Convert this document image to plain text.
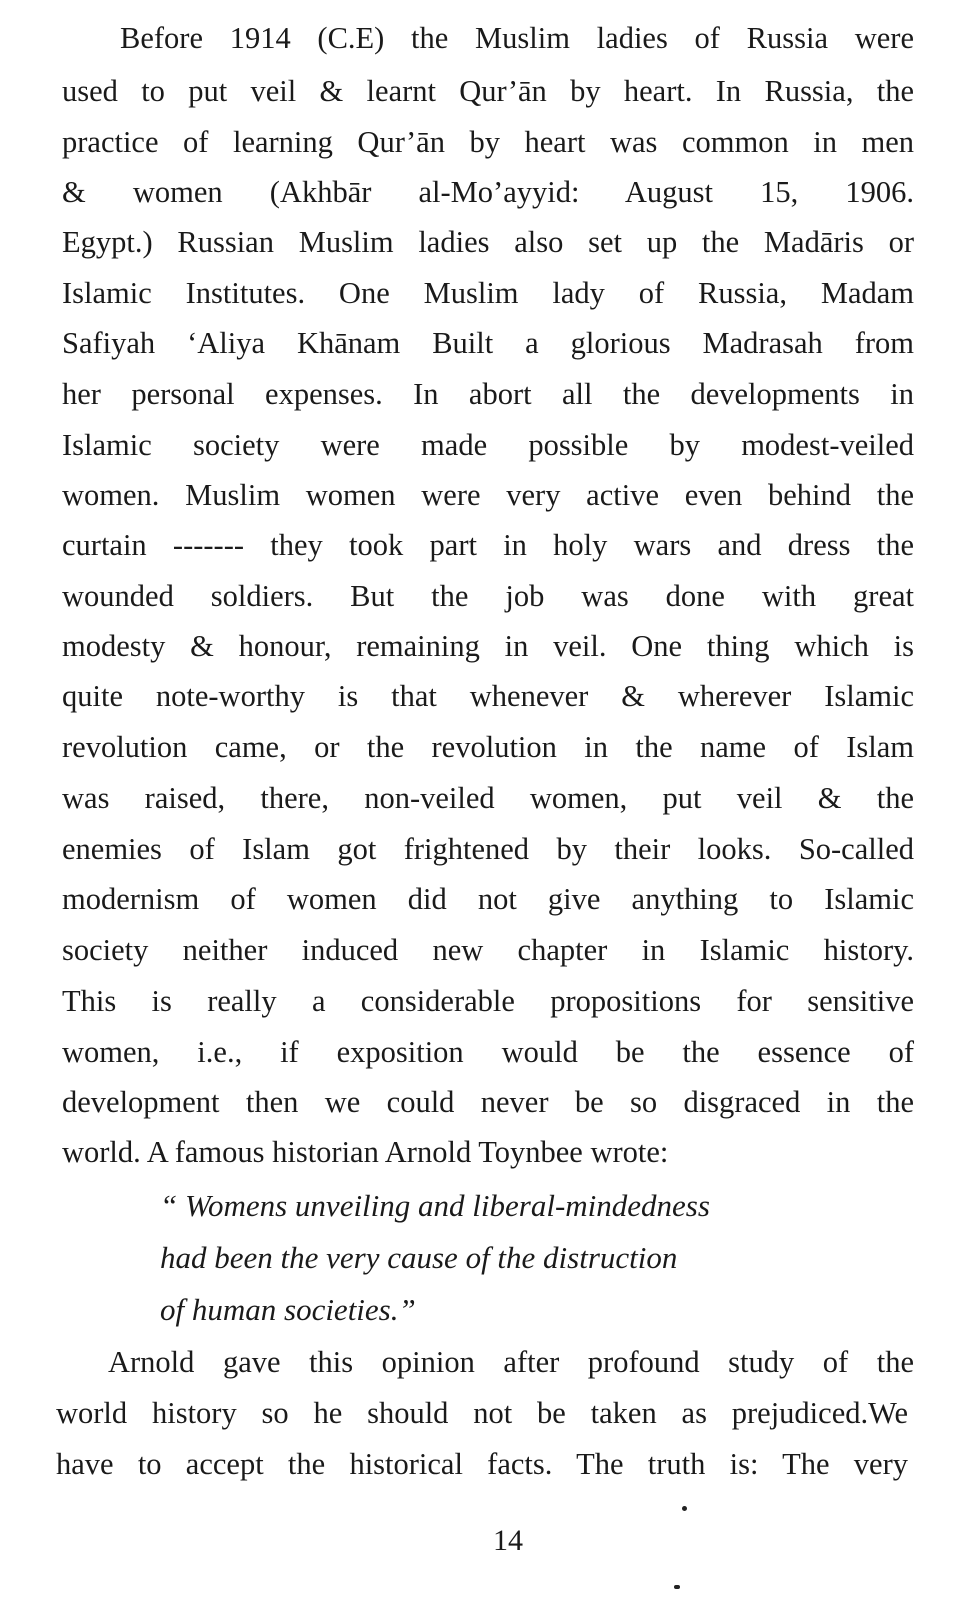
Before 1914 (C.E) the Muslim ladies of Russia were
used to put veil & learnt Qur’ān by heart. In Russia, the
practice of learning Qur’ān by heart was common in men
& women (Akhbār al-Mo’ayyid: August 15, 1906.
Egypt.) Russian Muslim ladies also set up the Madāris or
Islamic Institutes. One Muslim lady of Russia, Madam
Safiyah ‘Aliya Khānam Built a glorious Madrasah from
her personal expenses. In abort all the developments in
Islamic society were made possible by modest-veiled
women. Muslim women were very active even behind the
curtain ------- they took part in holy wars and dress the
wounded soldiers. But the job was done with great
modesty & honour, remaining in veil. One thing which is
quite note-worthy is that whenever & wherever Islamic
revolution came, or the revolution in the name of Islam
was raised, there, non-veiled women, put veil & the
enemies of Islam got frightened by their looks. So-called
modernism of women did not give anything to Islamic
society neither induced new chapter in Islamic history.
This is really a considerable propositions for sensitive
women, i.e., if exposition would be the essence of
development then we could never be so disgraced in the
world. A famous historian Arnold Toynbee wrote:
“ Womens unveiling and liberal-mindedness
had been the very cause of the distruction
of human societies.”
Arnold gave this opinion after profound study of the
world history so he should not be taken as prejudiced.We
have to accept the historical facts. The truth is: The very
14
